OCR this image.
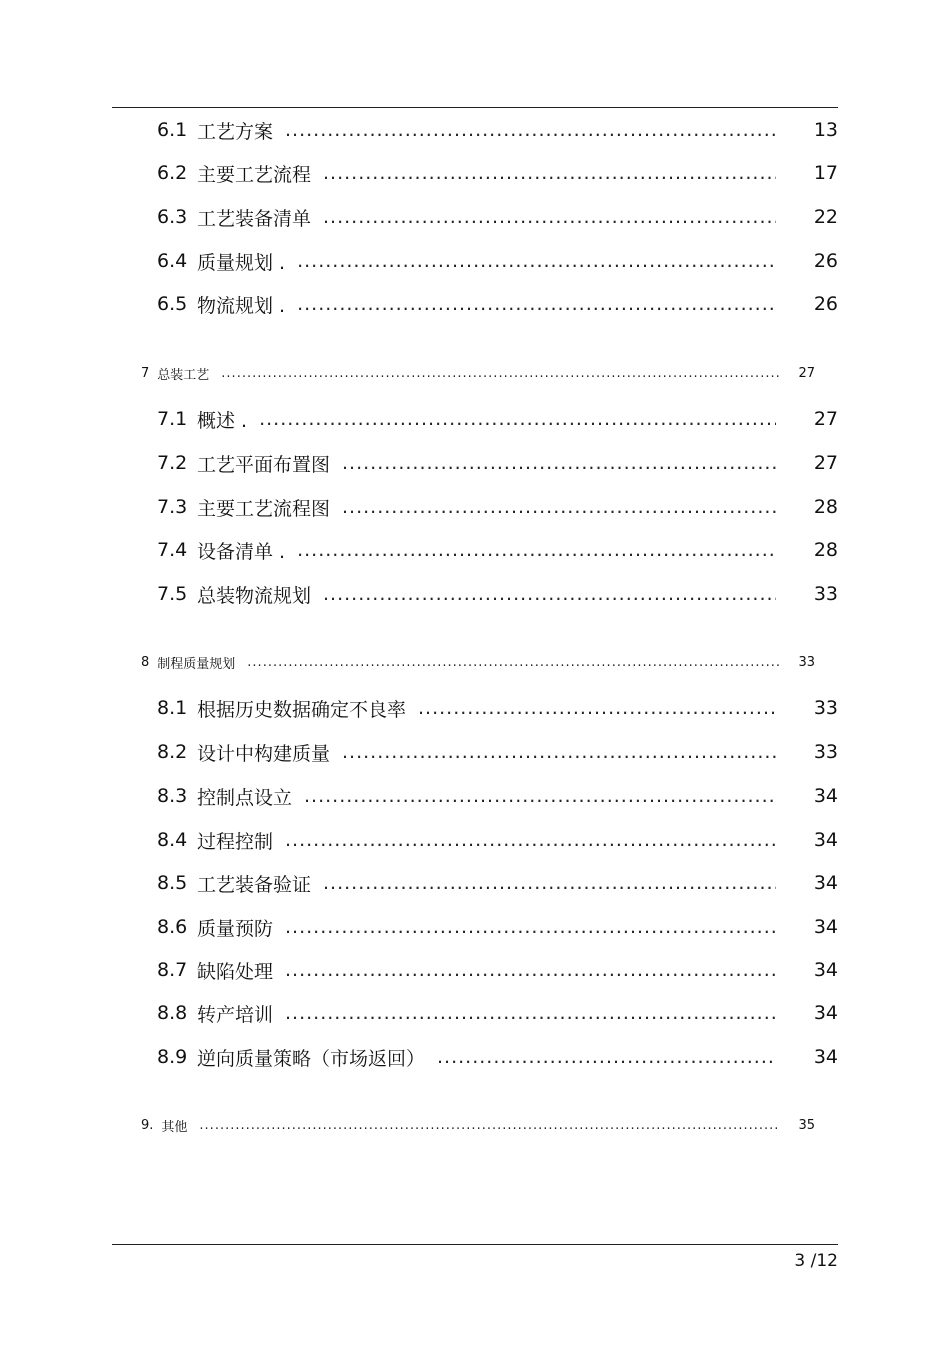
6.1 工艺方案 .....	13
6.2 主要工艺流程 .....	17
6.3 工艺装备清单 .....	22
6.4 质量规划 . .....	26
6.5 物流规划 . .....	26
7 总装工艺 .....	27
7.1 概述 . .....	27
7.2 工艺平面布置图 .....	27
7.3 主要工艺流程图 .....	28
7.4 设备清单 . .....	28
7.5 总装物流规划 .....	33
8 制程质量规划 .....	33
8.1 根据历史数据确定不良率 .....	33
8.2 设计中构建质量 .....	33
8.3 控制点设立 .....	34
8.4 过程控制 .....	34
8.5 工艺装备验证 .....	34
8.6 质量预防 .....	34
8.7 缺陷处理 .....	34
8.8 转产培训 .....	34
8.9 逆向质量策略（市场返回） .....	34
9. 其他 .....	35
3 /12
